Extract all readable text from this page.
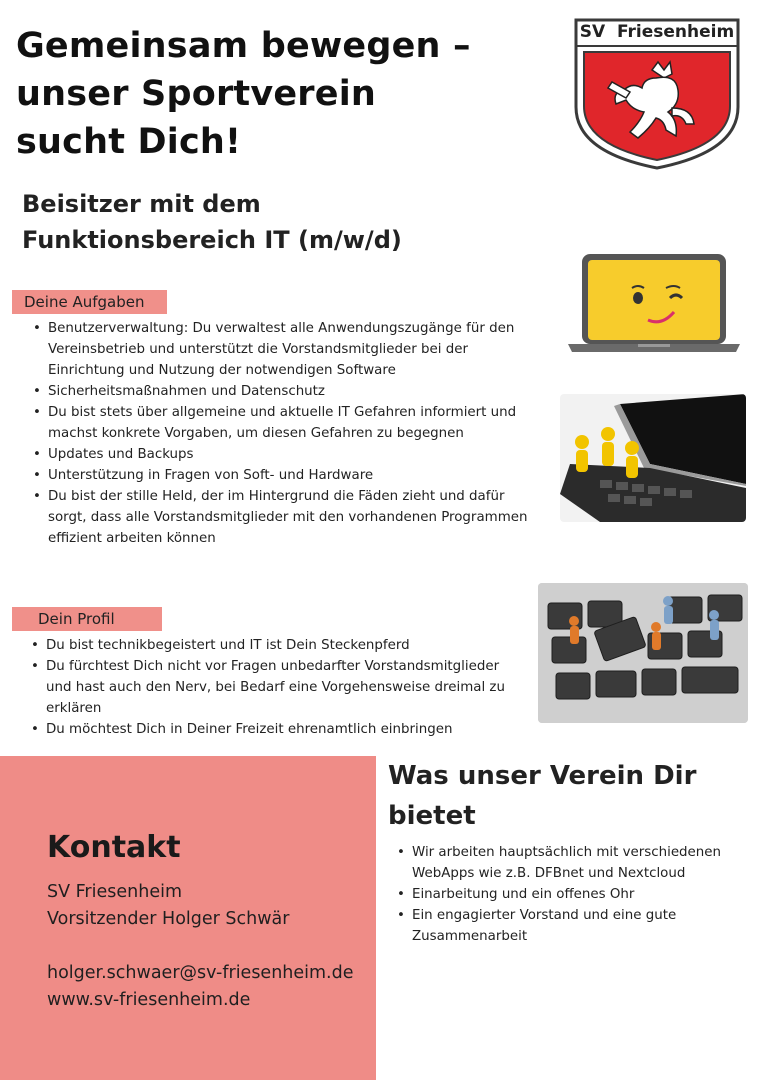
Gemeinsam bewegen –
unser Sportverein
sucht Dich!
Beisitzer mit dem
Funktionsbereich IT (m/w/d)
SV  Friesenheim
Deine Aufgaben
• Benutzerverwaltung: Du verwaltest alle Anwendungszugänge für den Vereinsbetrieb und unterstützt die Vorstandsmitglieder bei der Einrichtung und Nutzung der notwendigen Software
• Sicherheitsmaßnahmen und Datenschutz
• Du bist stets über allgemeine und aktuelle IT Gefahren informiert und machst konkrete Vorgaben, um diesen Gefahren zu begegnen
• Updates und Backups
• Unterstützung in Fragen von Soft- und Hardware
• Du bist der stille Held, der im Hintergrund die Fäden zieht und dafür sorgt, dass alle Vorstandsmitglieder mit den vorhandenen Programmen effizient arbeiten können
Dein Profil
• Du bist technikbegeistert und IT ist Dein Steckenpferd
• Du fürchtest Dich nicht vor Fragen unbedarfter Vorstandsmitglieder und hast auch den Nerv, bei Bedarf eine Vorgehensweise dreimal zu erklären
• Du möchtest Dich in Deiner Freizeit ehrenamtlich einbringen
Kontakt
SV Friesenheim
Vorsitzender Holger Schwär
holger.schwaer@sv-friesenheim.de
www.sv-friesenheim.de
Was unser Verein Dir
bietet
• Wir arbeiten hauptsächlich mit verschiedenen WebApps wie z.B. DFBnet und Nextcloud
• Einarbeitung und ein offenes Ohr
• Ein engagierter Vorstand und eine gute Zusammenarbeit
